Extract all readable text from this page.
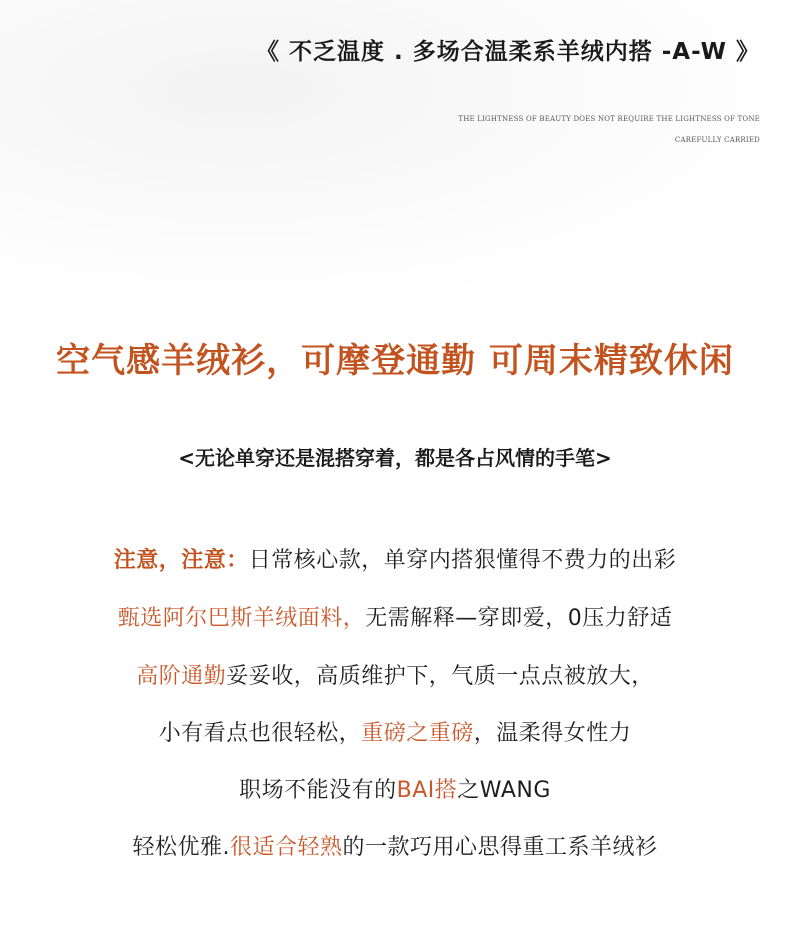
《 不乏温度 . 多场合温柔系羊绒内搭 -A-W 》
THE LIGHTNESS OF BEAUTY DOES NOT REQUIRE THE LIGHTNESS OF TONE
CAREFULLY CARRIED
空气感羊绒衫，可摩登通勤 可周末精致休闲
<无论单穿还是混搭穿着，都是各占风情的手笔>
注意，注意：日常核心款，单穿内搭狠懂得不费力的出彩
甄选阿尔巴斯羊绒面料，无需解释—穿即爱，0压力舒适
高阶通勤妥妥收，高质维护下，气质一点点被放大，
小有看点也很轻松，重磅之重磅，温柔得女性力
职场不能没有的BAI搭之WANG
轻松优雅.很适合轻熟的一款巧用心思得重工系羊绒衫
